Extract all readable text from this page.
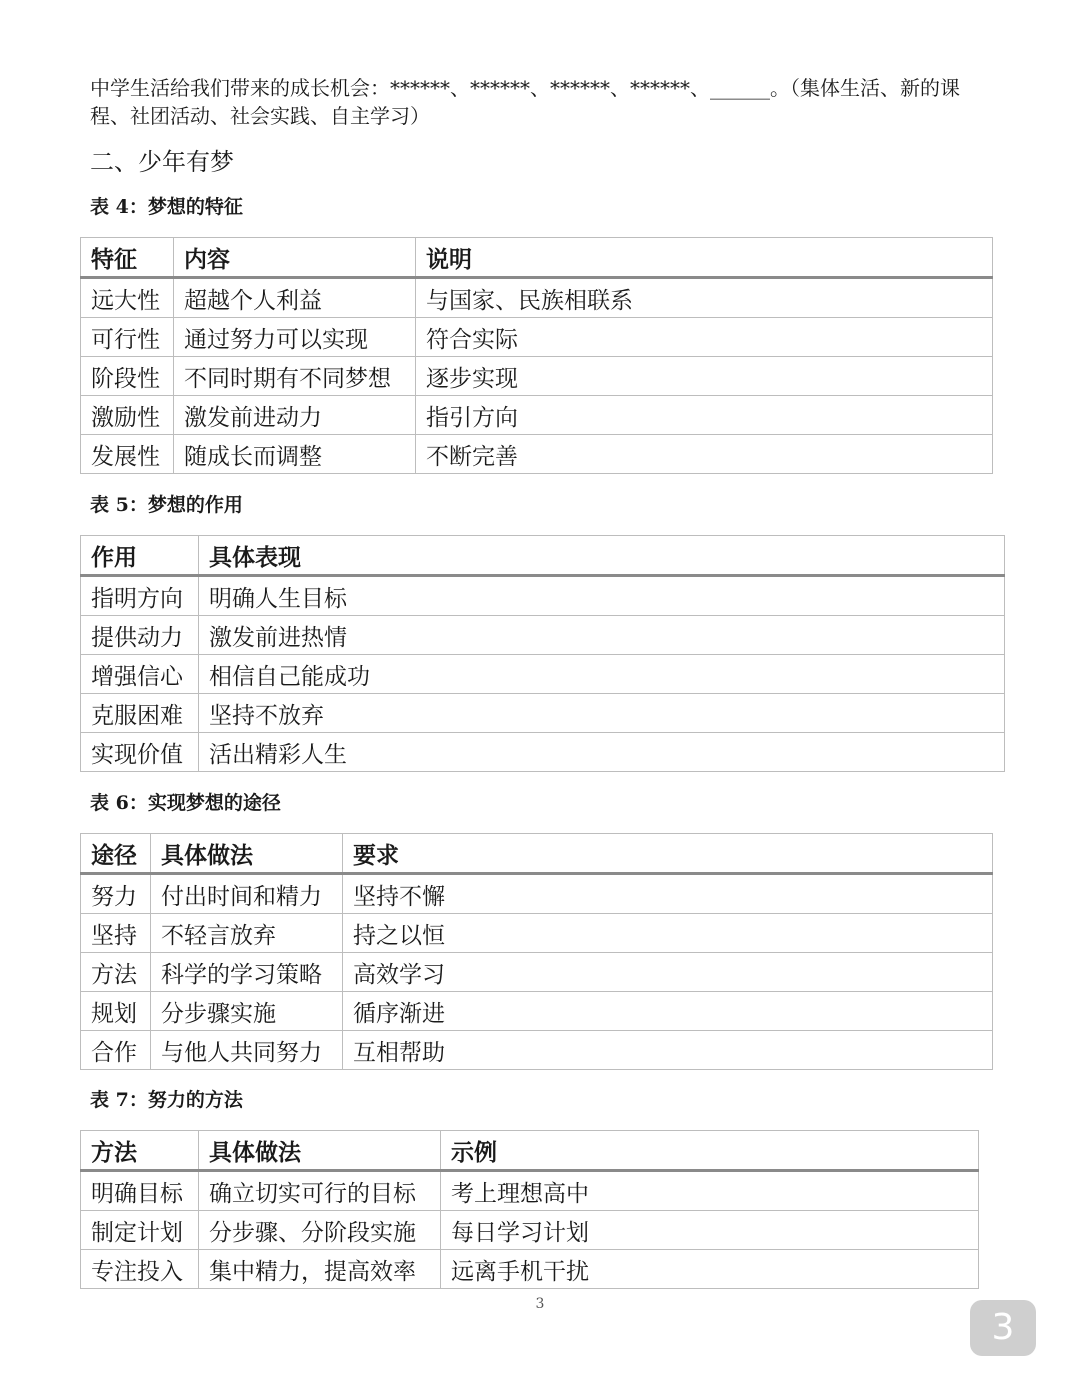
中学生活给我们带来的成长机会：******、******、******、******、______。（集体生活、新的课程、社团活动、社会实践、自主学习）

二、少年有梦

表 4：梦想的特征

特征	内容	说明
远大性	超越个人利益	与国家、民族相联系
可行性	通过努力可以实现	符合实际
阶段性	不同时期有不同梦想	逐步实现
激励性	激发前进动力	指引方向
发展性	随成长而调整	不断完善

表 5：梦想的作用

作用	具体表现
指明方向	明确人生目标
提供动力	激发前进热情
增强信心	相信自己能成功
克服困难	坚持不放弃
实现价值	活出精彩人生

表 6：实现梦想的途径

途径	具体做法	要求
努力	付出时间和精力	坚持不懈
坚持	不轻言放弃	持之以恒
方法	科学的学习策略	高效学习
规划	分步骤实施	循序渐进
合作	与他人共同努力	互相帮助

表 7：努力的方法

方法	具体做法	示例
明确目标	确立切实可行的目标	考上理想高中
制定计划	分步骤、分阶段实施	每日学习计划
专注投入	集中精力，提高效率	远离手机干扰
3
3
